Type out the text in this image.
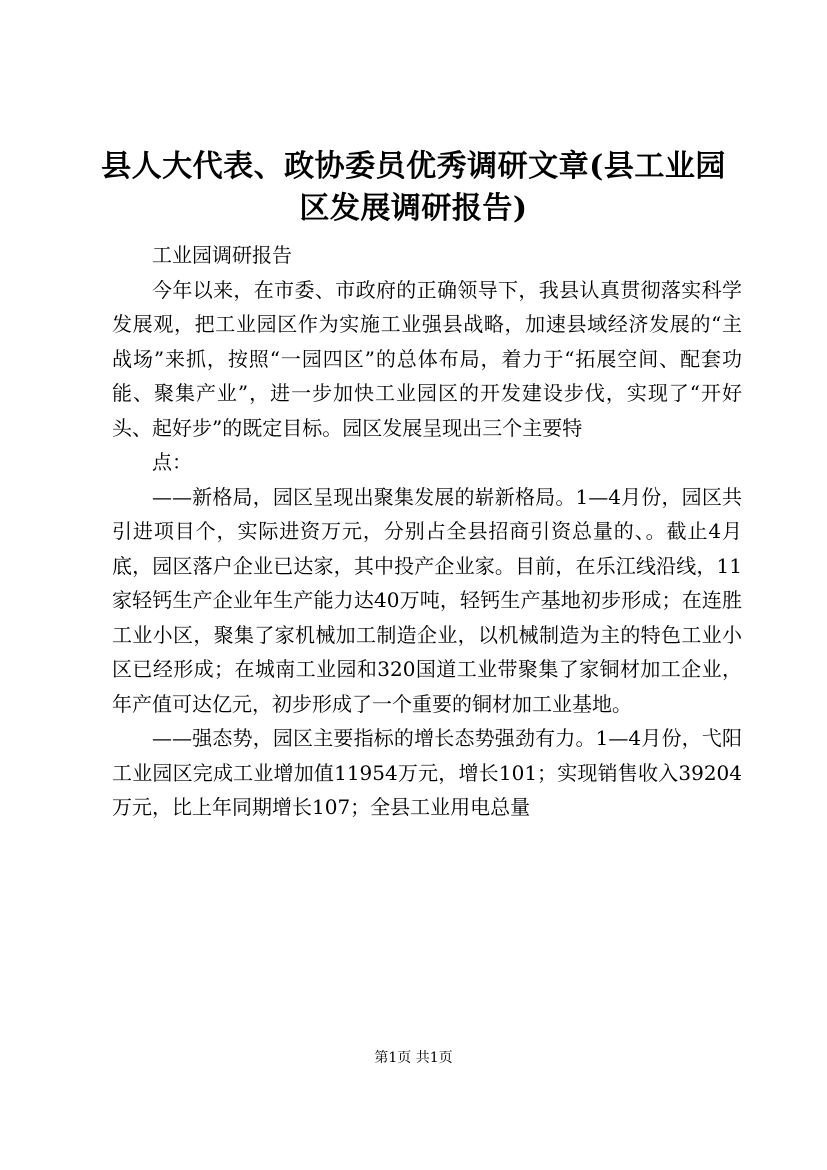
县人大代表、政协委员优秀调研文章(县工业园区发展调研报告)

工业园调研报告

今年以来，在市委、市政府的正确领导下，我县认真贯彻落实科学发展观，把工业园区作为实施工业强县战略，加速县域经济发展的“主战场”来抓，按照“一园四区”的总体布局，着力于“拓展空间、配套功能、聚集产业”，进一步加快工业园区的开发建设步伐，实现了“开好头、起好步”的既定目标。园区发展呈现出三个主要特

点：

——新格局，园区呈现出聚集发展的崭新格局。1—4月份，园区共引进项目个，实际进资万元，分别占全县招商引资总量的、。截止4月底，园区落户企业已达家，其中投产企业家。目前，在乐江线沿线，11家轻钙生产企业年生产能力达40万吨，轻钙生产基地初步形成；在连胜工业小区，聚集了家机械加工制造企业，以机械制造为主的特色工业小区已经形成；在城南工业园和320国道工业带聚集了家铜材加工企业，年产值可达亿元，初步形成了一个重要的铜材加工业基地。

——强态势，园区主要指标的增长态势强劲有力。1—4月份，弋阳工业园区完成工业增加值11954万元，增长101；实现销售收入39204万元，比上年同期增长107；全县工业用电总量

第1页 共1页
